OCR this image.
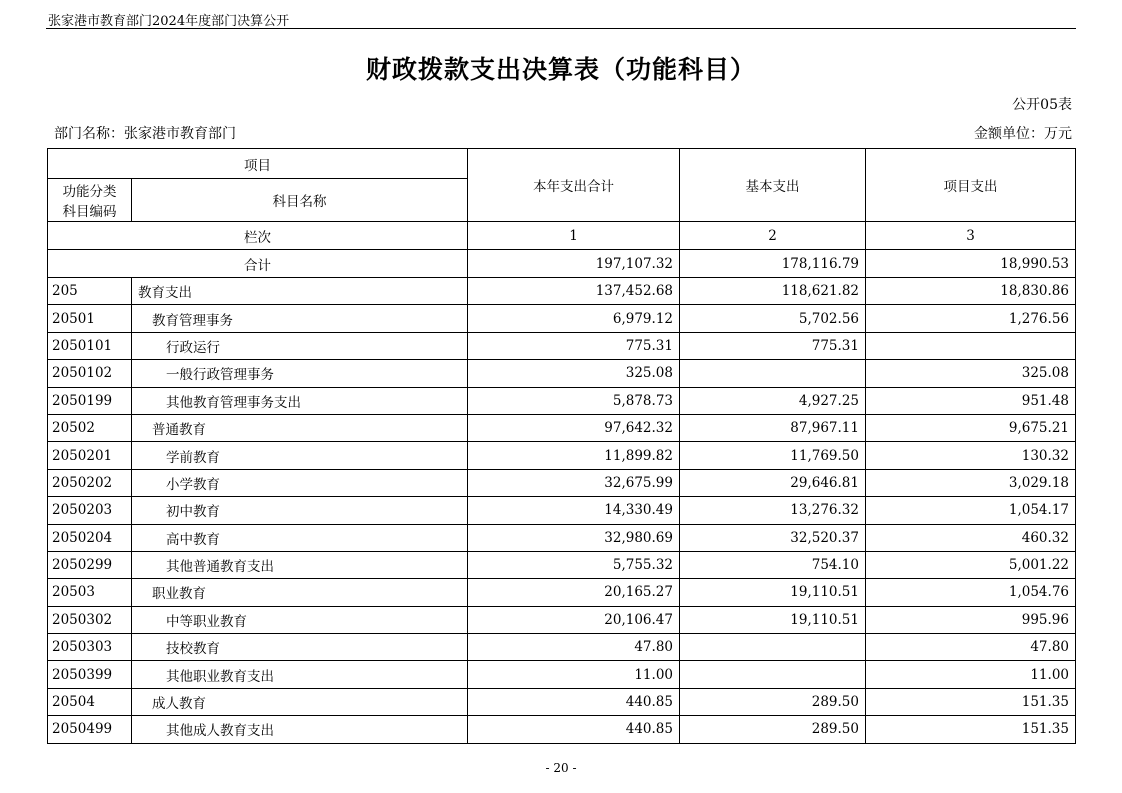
张家港市教育部门2024年度部门决算公开
财政拨款支出决算表（功能科目）
公开05表
部门名称：张家港市教育部门	金额单位：万元
项目		本年支出合计	基本支出	项目支出

功能分类
科目编码	科目名称			
栏次		1	2	3
合计		197,107.32	178,116.79	18,990.53
205	教育支出	137,452.68	118,621.82	18,830.86
20501	教育管理事务	6,979.12	5,702.56	1,276.56
2050101	行政运行	775.31	775.31	
2050102	一般行政管理事务	325.08		325.08
2050199	其他教育管理事务支出	5,878.73	4,927.25	951.48
20502	普通教育	97,642.32	87,967.11	9,675.21
2050201	学前教育	11,899.82	11,769.50	130.32
2050202	小学教育	32,675.99	29,646.81	3,029.18
2050203	初中教育	14,330.49	13,276.32	1,054.17
2050204	高中教育	32,980.69	32,520.37	460.32
2050299	其他普通教育支出	5,755.32	754.10	5,001.22
20503	职业教育	20,165.27	19,110.51	1,054.76
2050302	中等职业教育	20,106.47	19,110.51	995.96
2050303	技校教育	47.80		47.80
2050399	其他职业教育支出	11.00		11.00
20504	成人教育	440.85	289.50	151.35
2050499	其他成人教育支出	440.85	289.50	151.35
- 20 -
